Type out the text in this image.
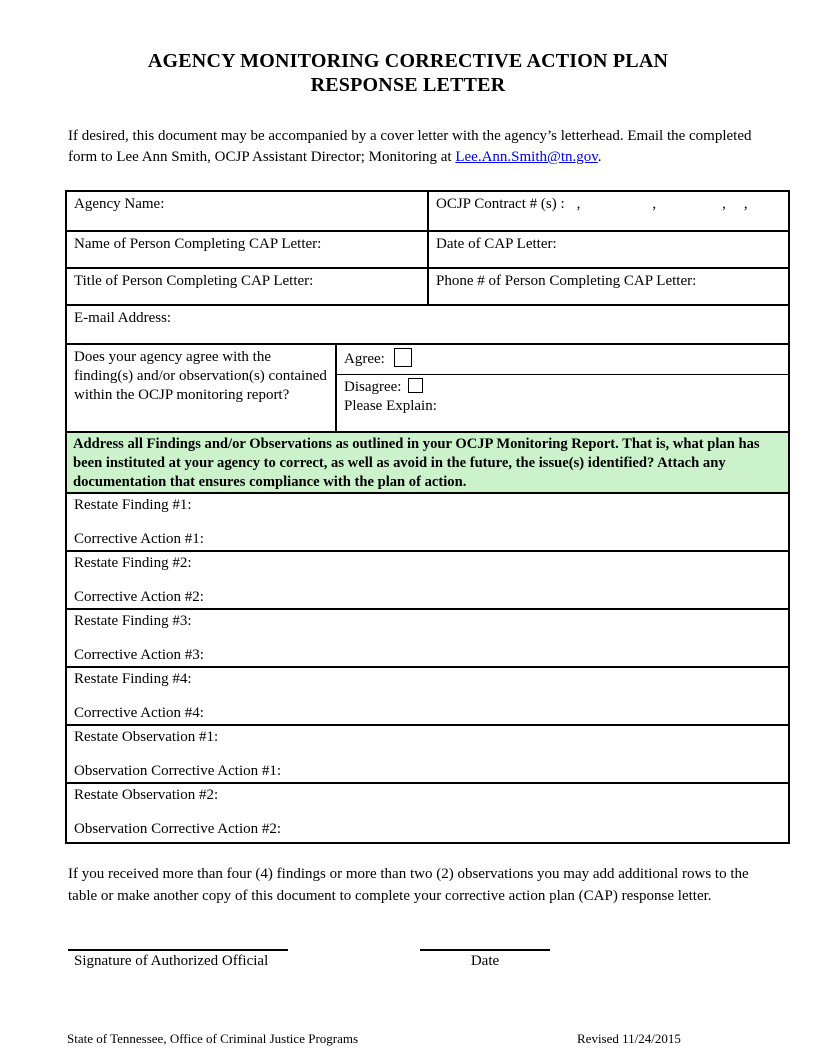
AGENCY MONITORING CORRECTIVE ACTION PLAN
RESPONSE LETTER

If desired, this document may be accompanied by a cover letter with the agency’s letterhead. Email the completed form to Lee Ann Smith, OCJP Assistant Director; Monitoring at Lee.Ann.Smith@tn.gov.

Agency Name:	OCJP Contract # (s) : ,	,	, ,
Name of Person Completing CAP Letter:	Date of CAP Letter:
Title of Person Completing CAP Letter:	Phone # of Person Completing CAP Letter:
E-mail Address:
Does your agency agree with the finding(s) and/or observation(s) contained within the OCJP monitoring report?
Agree:
Disagree:
Please Explain:
Address all Findings and/or Observations as outlined in your OCJP Monitoring Report. That is, what plan has been instituted at your agency to correct, as well as avoid in the future, the issue(s) identified? Attach any documentation that ensures compliance with the plan of action.
Restate Finding #1:
Corrective Action #1:
Restate Finding #2:
Corrective Action #2:
Restate Finding #3:
Corrective Action #3:
Restate Finding #4:
Corrective Action #4:
Restate Observation #1:
Observation Corrective Action #1:
Restate Observation #2:
Observation Corrective Action #2:

If you received more than four (4) findings or more than two (2) observations you may add additional rows to the table or make another copy of this document to complete your corrective action plan (CAP) response letter.

Signature of Authorized Official	Date
State of Tennessee, Office of Criminal Justice Programs	Revised 11/24/2015
